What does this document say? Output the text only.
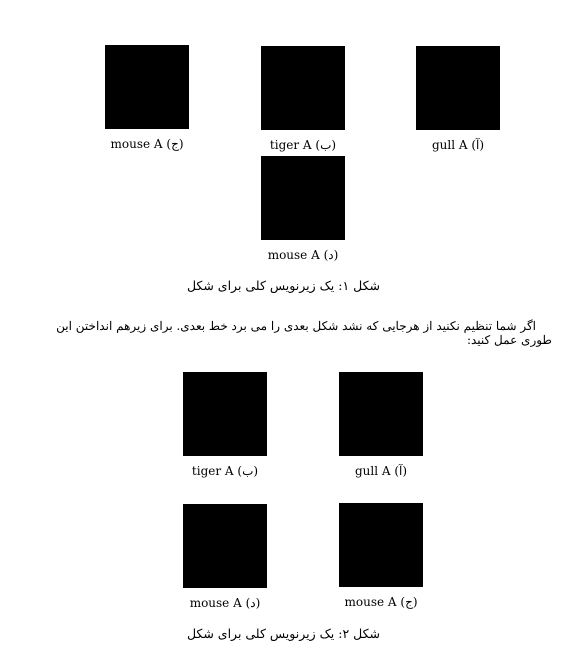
gull A (آ)
tiger A (ب)
mouse A (ج)
mouse A (د)
شکل ۱: یک زیرنویس کلی برای شکل
اگر شما تنظیم نکنید از هرجایی که نشد شکل بعدی را می برد خط بعدی. برای زیرهم انداختن این طوری عمل کنید:
gull A (آ)
tiger A (ب)
mouse A (ج)
mouse A (د)
شکل ۲: یک زیرنویس کلی برای شکل
